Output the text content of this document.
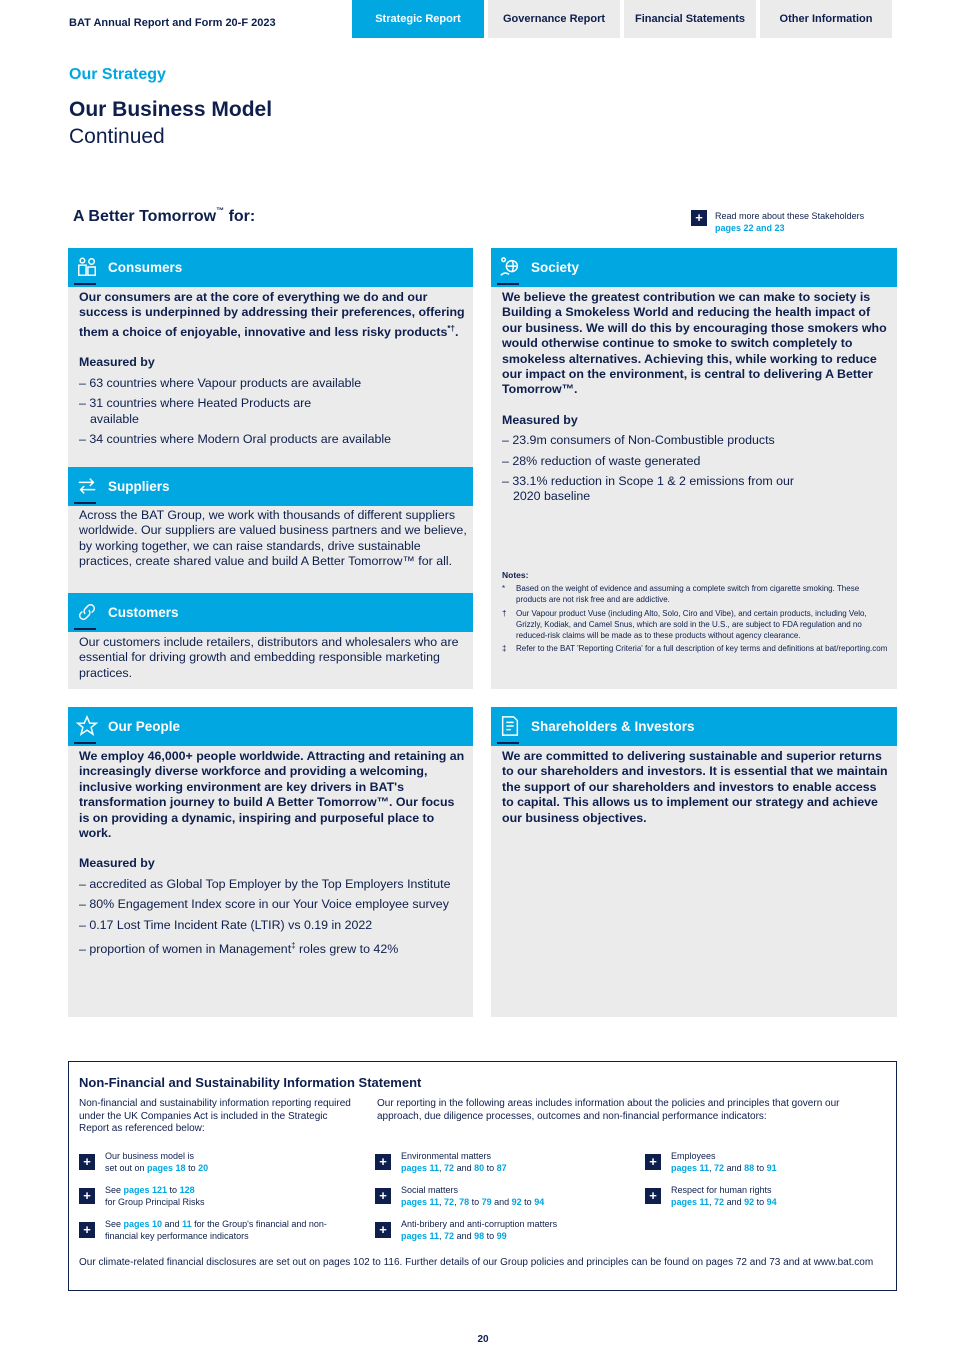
BAT Annual Report and Form 20-F 2023	Strategic Report	Governance Report	Financial Statements	Other Information
Our Strategy
Our Business Model
Continued
A Better Tomorrow™ for:	+	Read more about these Stakeholders
pages 22 and 23
Consumers
Our consumers are at the core of everything we do and our success is underpinned by addressing their preferences, offering them a choice of enjoyable, innovative and less risky products*†.
Measured by
– 63 countries where Vapour products are available
– 31 countries where Heated Products are available
– 34 countries where Modern Oral products are available
Suppliers
Across the BAT Group, we work with thousands of different suppliers worldwide. Our suppliers are valued business partners and we believe, by working together, we can raise standards, drive sustainable practices, create shared value and build A Better Tomorrow™ for all.
Customers
Our customers include retailers, distributors and wholesalers who are essential for driving growth and embedding responsible marketing practices.
Society
We believe the greatest contribution we can make to society is Building a Smokeless World and reducing the health impact of our business. We will do this by encouraging those smokers who would otherwise continue to smoke to switch completely to smokeless alternatives. Achieving this, while working to reduce our impact on the environment, is central to delivering A Better Tomorrow™.
Measured by
– 23.9m consumers of Non-Combustible products
– 28% reduction of waste generated
– 33.1% reduction in Scope 1 & 2 emissions from our 2020 baseline
Notes:
* Based on the weight of evidence and assuming a complete switch from cigarette smoking. These products are not risk free and are addictive.
† Our Vapour product Vuse (including Alto, Solo, Ciro and Vibe), and certain products, including Velo, Grizzly, Kodiak, and Camel Snus, which are sold in the U.S., are subject to FDA regulation and no reduced-risk claims will be made as to these products without agency clearance.
‡ Refer to the BAT 'Reporting Criteria' for a full description of key terms and definitions at bat/reporting.com
Our People
We employ 46,000+ people worldwide. Attracting and retaining an increasingly diverse workforce and providing a welcoming, inclusive working environment are key drivers in BAT's transformation journey to build A Better Tomorrow™. Our focus is on providing a dynamic, inspiring and purposeful place to work.
Measured by
– accredited as Global Top Employer by the Top Employers Institute
– 80% Engagement Index score in our Your Voice employee survey
– 0.17 Lost Time Incident Rate (LTIR) vs 0.19 in 2022
– proportion of women in Management‡ roles grew to 42%
Shareholders & Investors
We are committed to delivering sustainable and superior returns to our shareholders and investors. It is essential that we maintain the support of our shareholders and investors to enable access to capital. This allows us to implement our strategy and achieve our business objectives.
Non-Financial and Sustainability Information Statement
Non-financial and sustainability information reporting required under the UK Companies Act is included in the Strategic Report as referenced below:
Our reporting in the following areas includes information about the policies and principles that govern our approach, due diligence processes, outcomes and non-financial performance indicators:
+	Our business model is
set out on pages 18 to 20
+	See pages 121 to 128
for Group Principal Risks
+	See pages 10 and 11 for the Group's financial and non-
financial key performance indicators
+	Environmental matters
pages 11, 72 and 80 to 87
+	Social matters
pages 11, 72, 78 to 79 and 92 to 94
+	Anti-bribery and anti-corruption matters
pages 11, 72 and 98 to 99
+	Employees
pages 11, 72 and 88 to 91
+	Respect for human rights
pages 11, 72 and 92 to 94
Our climate-related financial disclosures are set out on pages 102 to 116. Further details of our Group policies and principles can be found on pages 72 and 73 and at www.bat.com
20
